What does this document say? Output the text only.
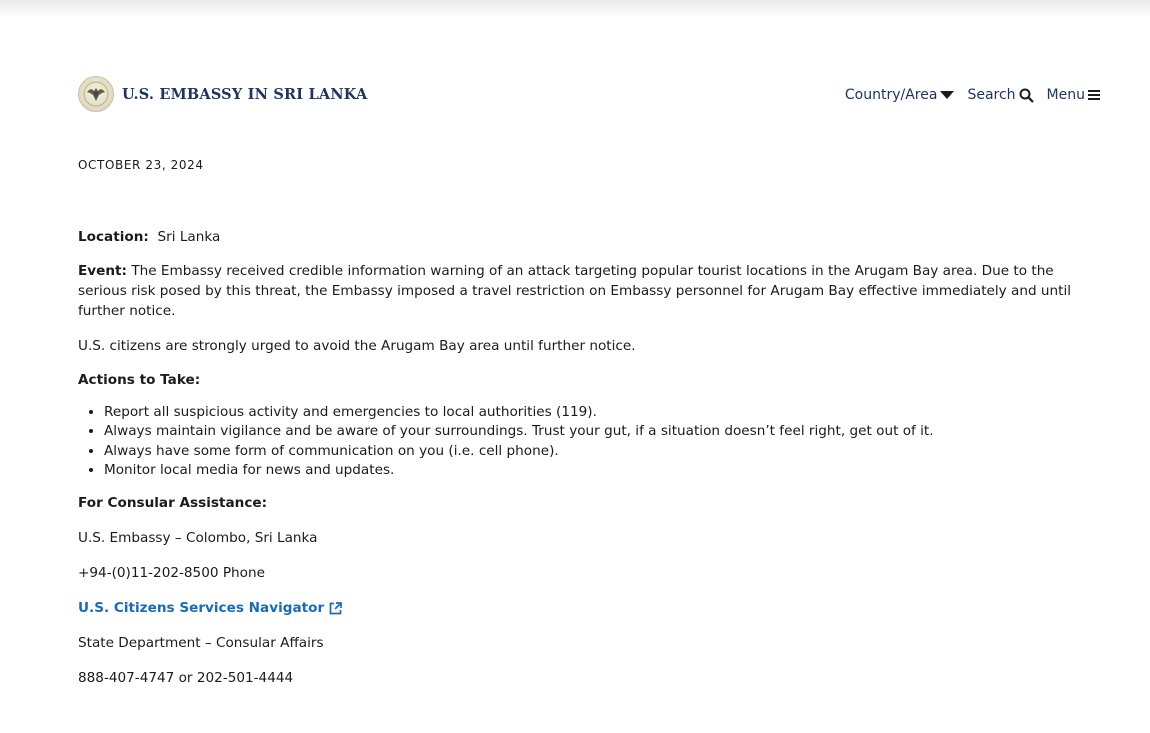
U.S. EMBASSY IN SRI LANKA	Country/Area Search Menu
OCTOBER 23, 2024

Location: Sri Lanka

Event: The Embassy received credible information warning of an attack targeting popular tourist locations in the Arugam Bay area. Due to the serious risk posed by this threat, the Embassy imposed a travel restriction on Embassy personnel for Arugam Bay effective immediately and until further notice.

U.S. citizens are strongly urged to avoid the Arugam Bay area until further notice.

Actions to Take:

• Report all suspicious activity and emergencies to local authorities (119).
• Always maintain vigilance and be aware of your surroundings. Trust your gut, if a situation doesn’t feel right, get out of it.
• Always have some form of communication on you (i.e. cell phone).
• Monitor local media for news and updates.

For Consular Assistance:

U.S. Embassy – Colombo, Sri Lanka

+94-(0)11-202-8500 Phone

U.S. Citizens Services Navigator

State Department – Consular Affairs

888-407-4747 or 202-501-4444
